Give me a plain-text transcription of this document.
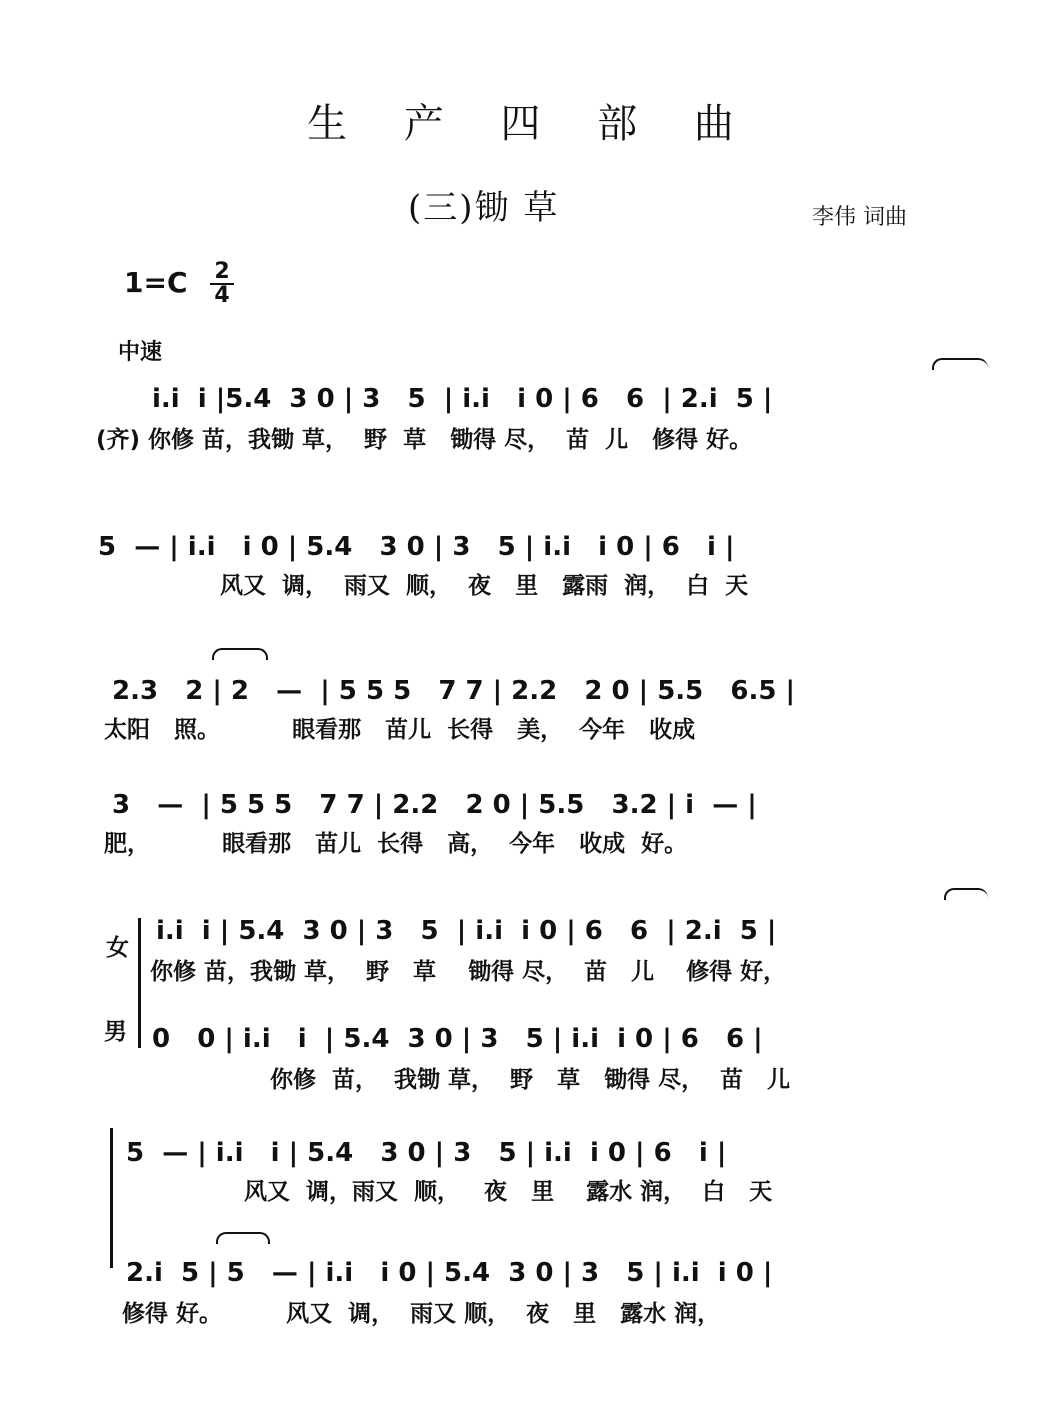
生 产 四 部 曲
(三)锄 草	李伟 词曲
1=C 2
4
中速
i.i  i |5.4  3 0 | 3   5  | i.i   i 0 | 6   6  | 2.i  5 |
(齐) 你修 苗，我锄 草，  野  草   锄得 尽，  苗  儿   修得 好。
5  — | i.i   i 0 | 5.4   3 0 | 3   5 | i.i   i 0 | 6   i |
风又  调，  雨又  顺，  夜   里   露雨  润，  白  天
2.3   2 | 2   —  | 5 5 5   7 7 | 2.2   2 0 | 5.5   6.5 |
太阳   照。         眼看那   苗儿  长得   美，  今年   收成
3   —  | 5 5 5   7 7 | 2.2   2 0 | 5.5   3.2 | i  — |
肥，         眼看那   苗儿  长得   高，  今年   收成  好。
女
i.i  i | 5.4  3 0 | 3   5  | i.i  i 0 | 6   6  | 2.i  5 |
你修 苗，我锄 草，  野   草    锄得 尽，  苗   儿    修得 好，
男 0   0 | i.i   i  | 5.4  3 0 | 3   5 | i.i  i 0 | 6   6 |
你修  苗，  我锄 草，  野   草   锄得 尽，  苗   儿
5  — | i.i   i | 5.4   3 0 | 3   5 | i.i  i 0 | 6   i |
风又  调，雨又  顺，   夜   里    露水 润，  白   天
2.i  5 | 5   — | i.i   i 0 | 5.4  3 0 | 3   5 | i.i  i 0 |
修得 好。        风又  调，  雨又 顺，  夜   里   露水 润，
